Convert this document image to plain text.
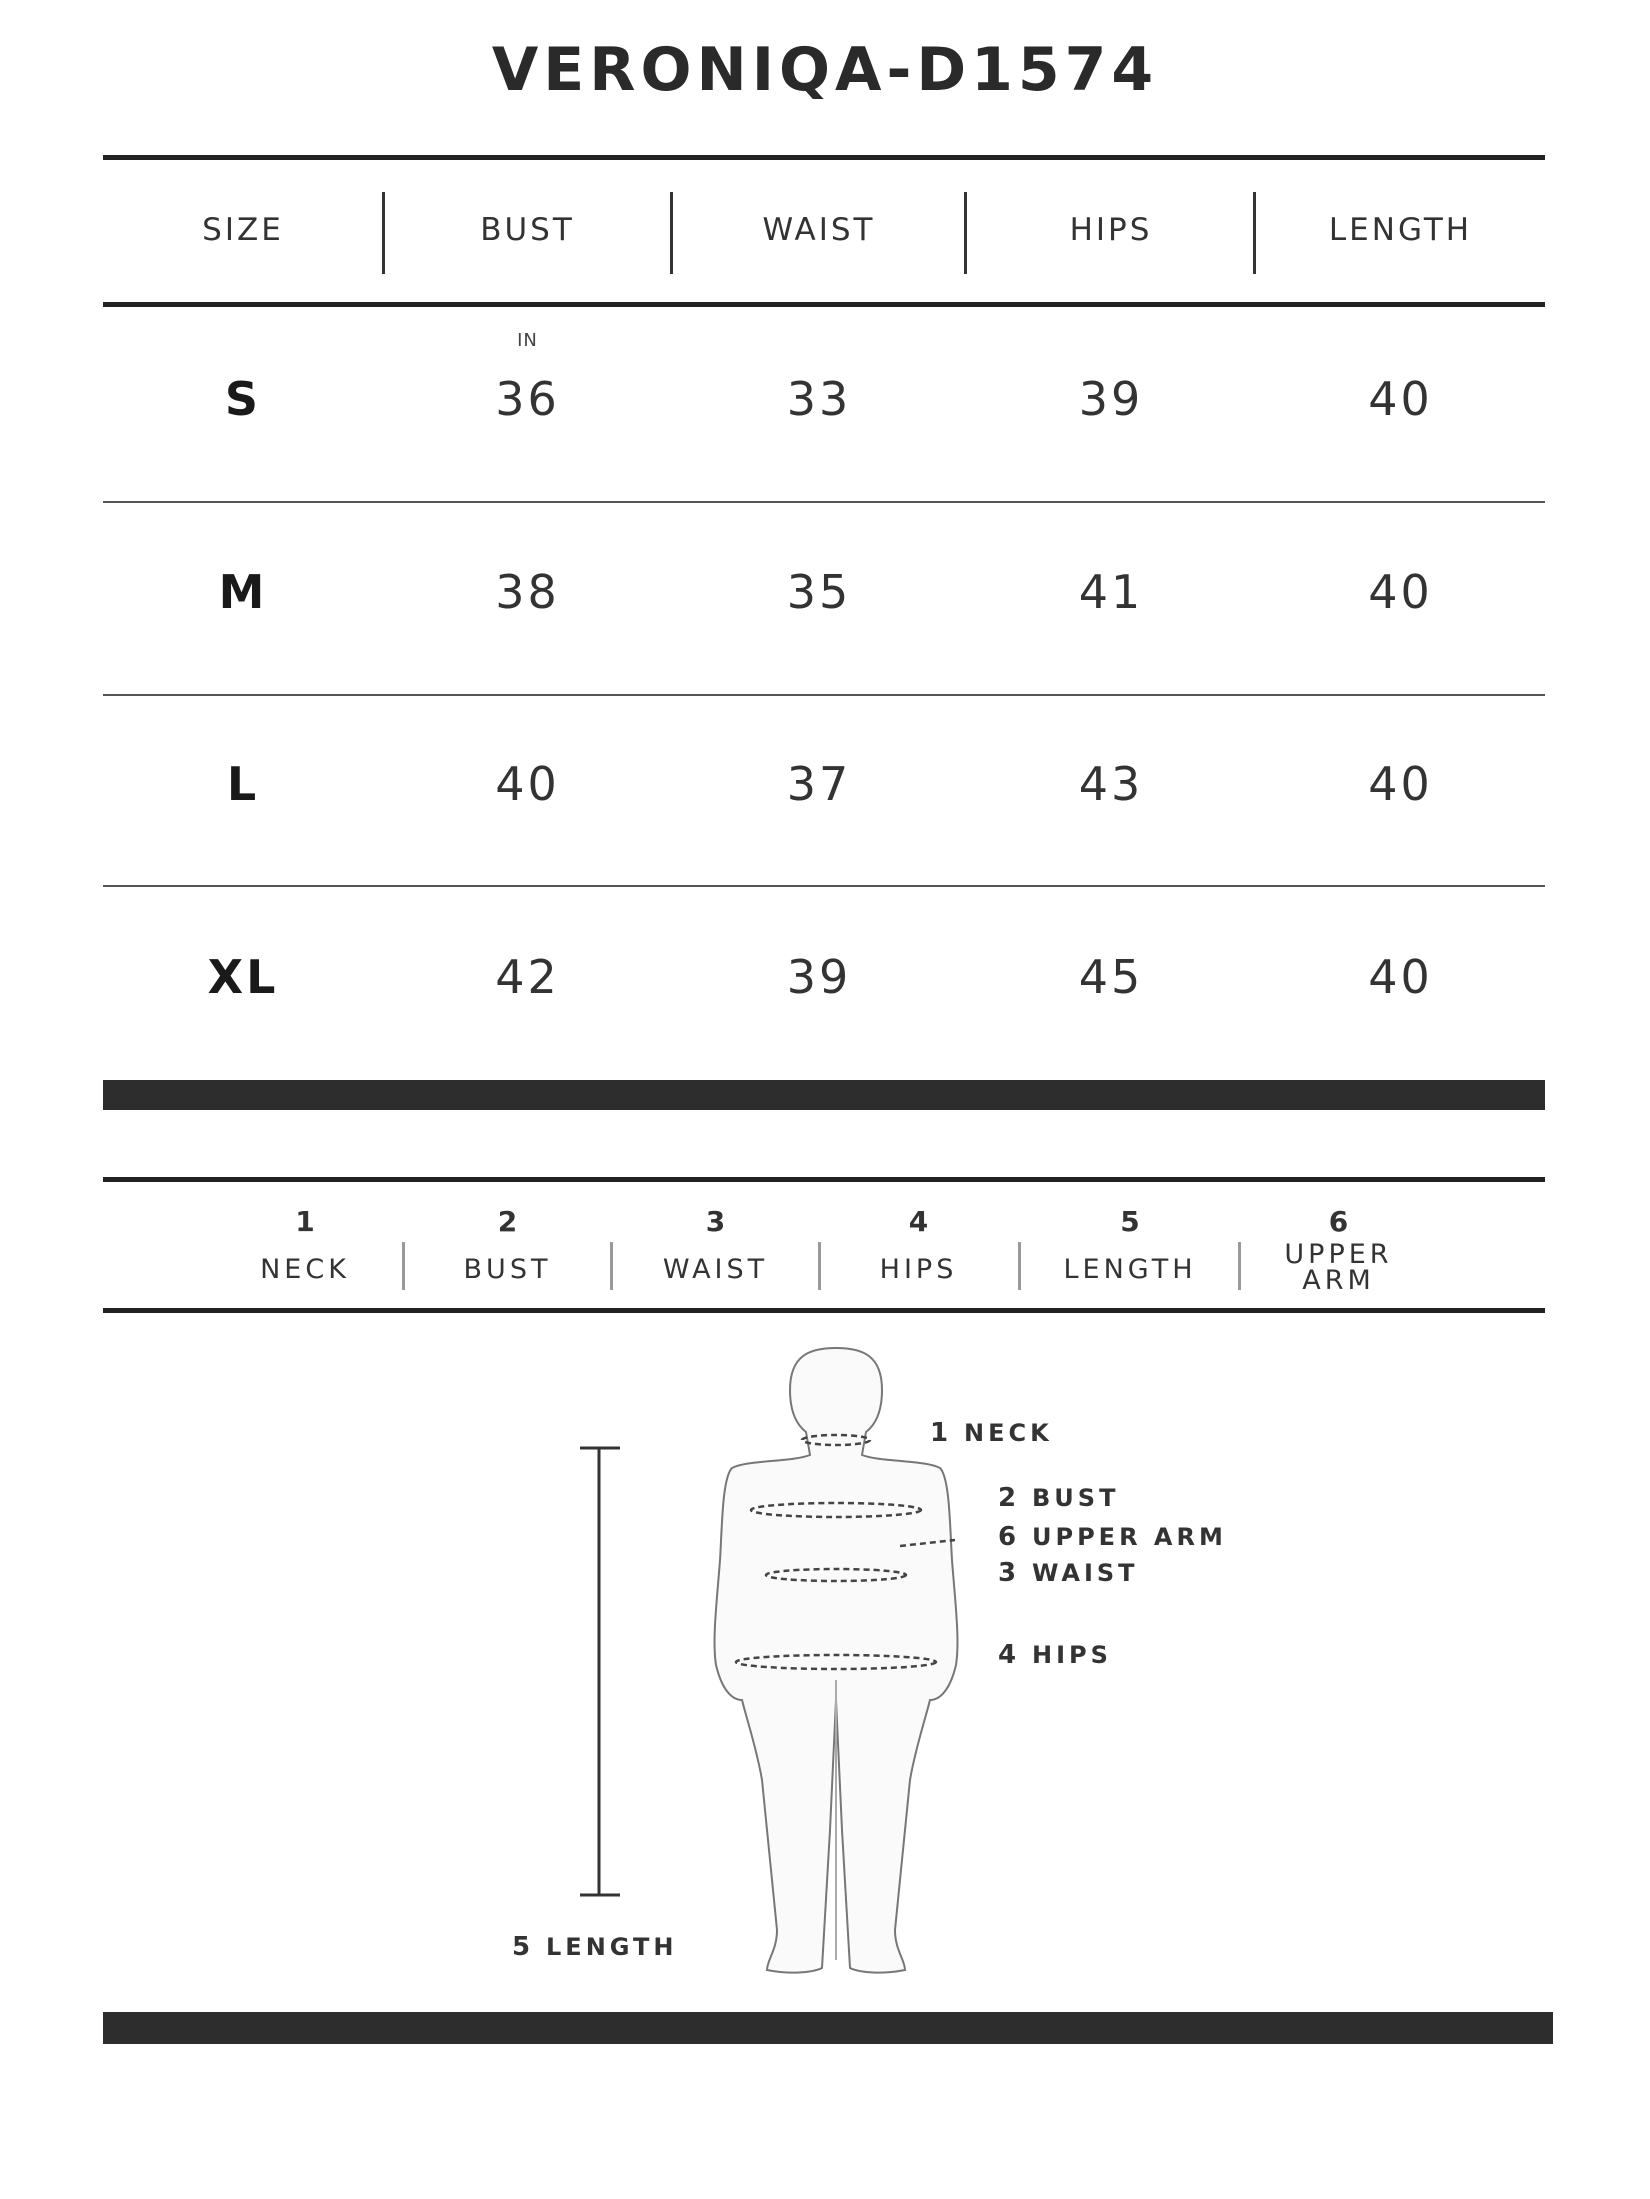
VERONIQA-D1574
SIZE	BUST	WAIST	HIPS	LENGTH
IN
S	36	33	39	40
M	38	35	41	40
L	40	37	43	40
XL	42	39	45	40
1
NECK
2
BUST
3
WAIST
4
HIPS
5
LENGTH
6
UPPER
ARM
1 NECK
2 BUST
6 UPPER ARM
3 WAIST
4 HIPS
5 LENGTH
